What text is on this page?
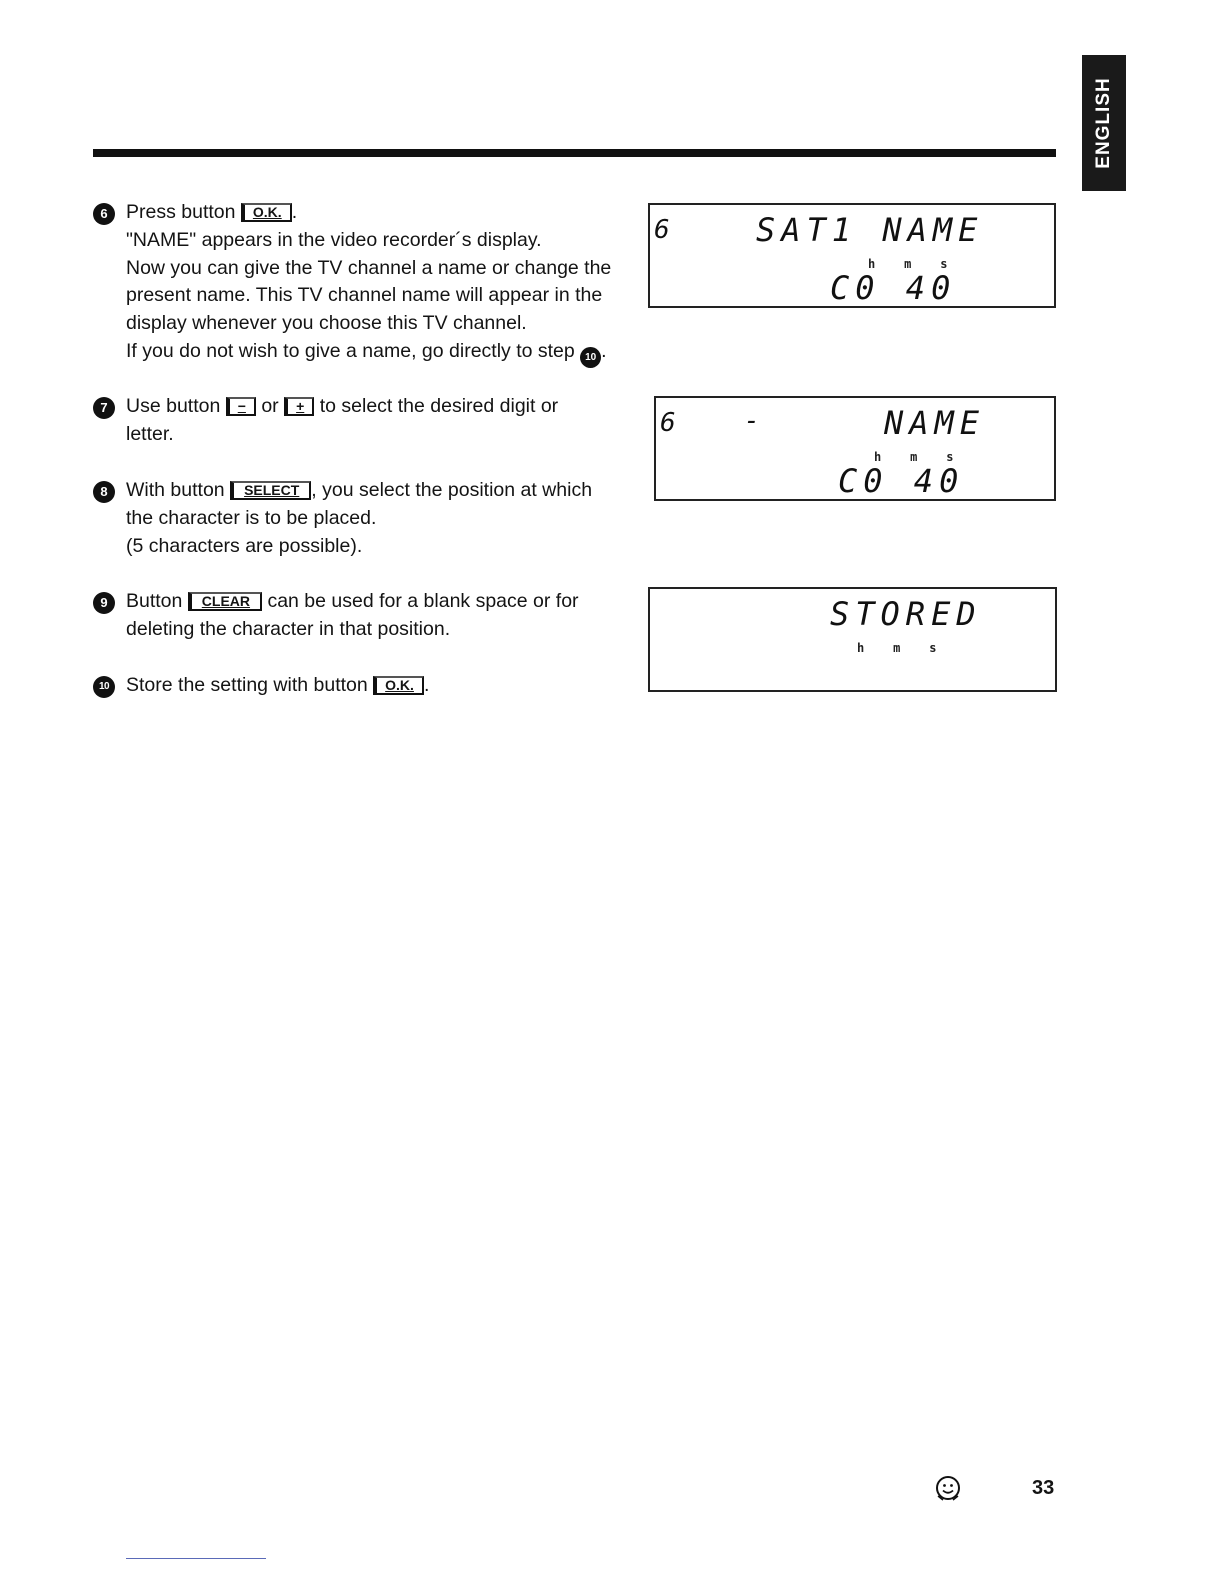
ENGLISH
6 Press button O.K. .
"NAME" appears in the video recorder´s display.
Now you can give the TV channel a name or change the
present name. This TV channel name will appear in the
display whenever you choose this TV channel.
If you do not wish to give a name, go directly to step 10 .
7 Use button − or + to select the desired digit or
letter.
8 With button SELECT , you select the position at which
the character is to be placed.
(5 characters are possible).
9 Button CLEAR can be used for a blank space or for
deleting the character in that position.
10 Store the setting with button O.K. .
6	SAT1 NAME
h    m    s
C0 40
6 -	NAME
h    m    s
C0 40
STORED
h    m    s
33
